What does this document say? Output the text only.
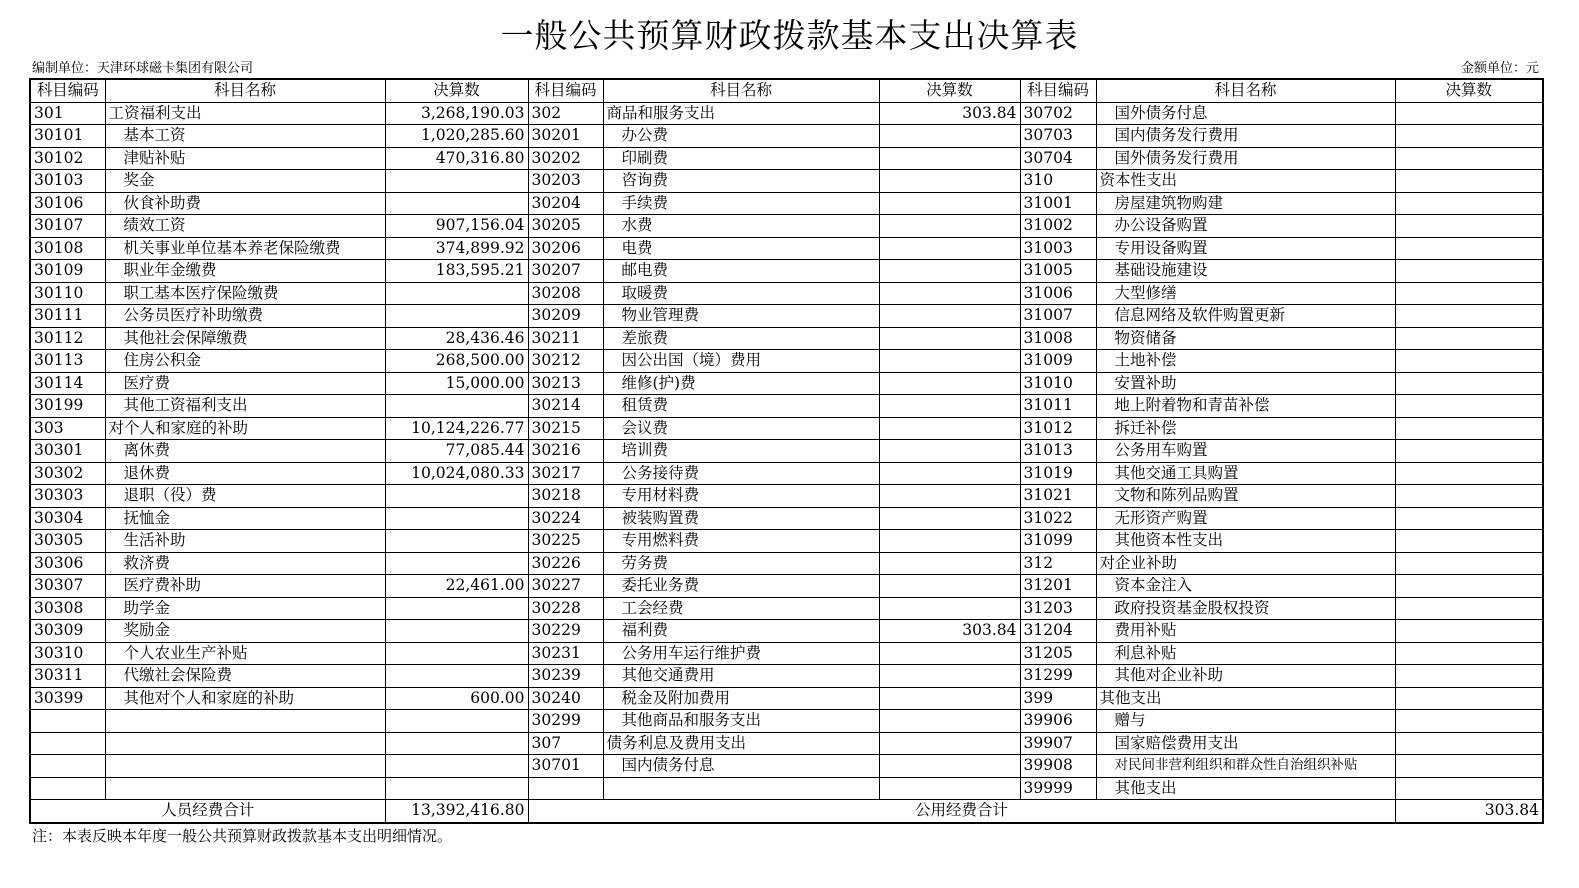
一般公共预算财政拨款基本支出决算表
编制单位：天津环球磁卡集团有限公司	金额单位：元
科目编码	科目名称	决算数	科目编码	科目名称	决算数	科目编码	科目名称	决算数
301	工资福利支出	3,268,190.03	302	商品和服务支出	303.84	30702	国外债务付息	
30101	基本工资	1,020,285.60	30201	办公费		30703	国内债务发行费用	
30102	津贴补贴	470,316.80	30202	印刷费		30704	国外债务发行费用	
30103	奖金		30203	咨询费		310	资本性支出	
30106	伙食补助费		30204	手续费		31001	房屋建筑物购建	
30107	绩效工资	907,156.04	30205	水费		31002	办公设备购置	
30108	机关事业单位基本养老保险缴费	374,899.92	30206	电费		31003	专用设备购置	
30109	职业年金缴费	183,595.21	30207	邮电费		31005	基础设施建设	
30110	职工基本医疗保险缴费		30208	取暖费		31006	大型修缮	
30111	公务员医疗补助缴费		30209	物业管理费		31007	信息网络及软件购置更新	
30112	其他社会保障缴费	28,436.46	30211	差旅费		31008	物资储备	
30113	住房公积金	268,500.00	30212	因公出国（境）费用		31009	土地补偿	
30114	医疗费	15,000.00	30213	维修(护)费		31010	安置补助	
30199	其他工资福利支出		30214	租赁费		31011	地上附着物和青苗补偿	
303	对个人和家庭的补助	10,124,226.77	30215	会议费		31012	拆迁补偿	
30301	离休费	77,085.44	30216	培训费		31013	公务用车购置	
30302	退休费	10,024,080.33	30217	公务接待费		31019	其他交通工具购置	
30303	退职（役）费		30218	专用材料费		31021	文物和陈列品购置	
30304	抚恤金		30224	被装购置费		31022	无形资产购置	
30305	生活补助		30225	专用燃料费		31099	其他资本性支出	
30306	救济费		30226	劳务费		312	对企业补助	
30307	医疗费补助	22,461.00	30227	委托业务费		31201	资本金注入	
30308	助学金		30228	工会经费		31203	政府投资基金股权投资	
30309	奖励金		30229	福利费	303.84	31204	费用补贴	
30310	个人农业生产补贴		30231	公务用车运行维护费		31205	利息补贴	
30311	代缴社会保险费		30239	其他交通费用		31299	其他对企业补助	
30399	其他对个人和家庭的补助	600.00	30240	税金及附加费用		399	其他支出	
			30299	其他商品和服务支出		39906	赠与	
			307	债务利息及费用支出		39907	国家赔偿费用支出	
			30701	国内债务付息		39908	对民间非营利组织和群众性自治组织补贴	
						39999	其他支出	
人员经费合计		13,392,416.80	公用经费合计					303.84
注：本表反映本年度一般公共预算财政拨款基本支出明细情况。
